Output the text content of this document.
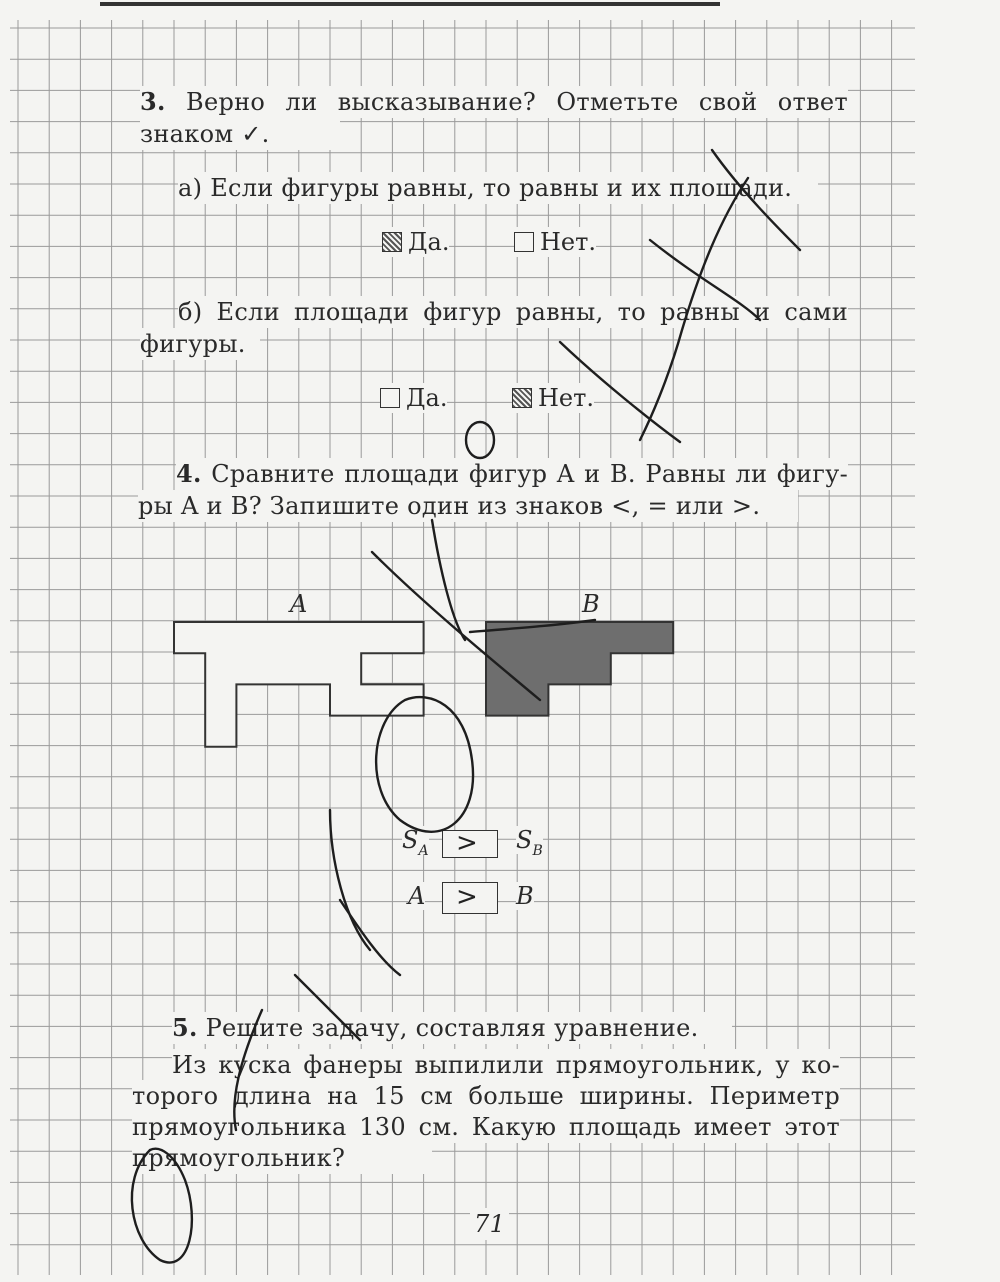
3. Верно ли высказывание? Отметьте свой ответ
знаком ✓.
а) Если фигуры равны, то равны и их площади.
Да.	Нет.
б) Если площади фигур равны, то равны и сами
фигуры.
Да.	Нет.
4. Сравните площади фигур A и B. Равны ли фигу-
ры A и B? Запишите один из знаков <, = или >.
A	B
$S_A > S_B$
A > B
5. Решите задачу, составляя уравнение.
Из куска фанеры выпилили прямоугольник, у ко-
торого длина на 15 см больше ширины. Периметр
прямоугольника 130 см. Какую площадь имеет этот
прямоугольник?
71
